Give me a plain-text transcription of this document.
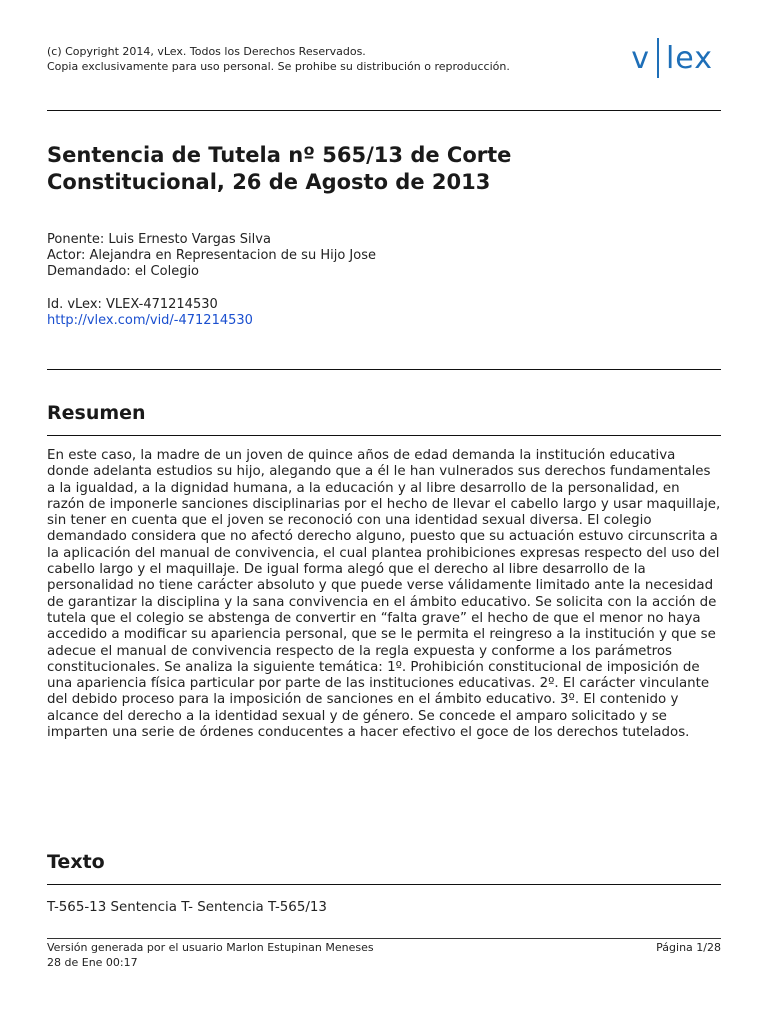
(c) Copyright 2014, vLex. Todos los Derechos Reservados.
Copia exclusivamente para uso personal. Se prohibe su distribución o reproducción.	v lex
Sentencia de Tutela nº 565/13 de Corte
Constitucional, 26 de Agosto de 2013
Ponente: Luis Ernesto Vargas Silva
Actor: Alejandra en Representacion de su Hijo Jose
Demandado: el Colegio
Id. vLex: VLEX-471214530
http://vlex.com/vid/-471214530
Resumen

En este caso, la madre de un joven de quince años de edad demanda la institución educativa donde adelanta estudios su hijo, alegando que a él le han vulnerados sus derechos fundamentales a la igualdad, a la dignidad humana, a la educación y al libre desarrollo de la personalidad, en razón de imponerle sanciones disciplinarias por el hecho de llevar el cabello largo y usar maquillaje, sin tener en cuenta que el joven se reconoció con una identidad sexual diversa. El colegio demandado considera que no afectó derecho alguno, puesto que su actuación estuvo circunscrita a la aplicación del manual de convivencia, el cual plantea prohibiciones expresas respecto del uso del cabello largo y el maquillaje. De igual forma alegó que el derecho al libre desarrollo de la personalidad no tiene carácter absoluto y que puede verse válidamente limitado ante la necesidad de garantizar la disciplina y la sana convivencia en el ámbito educativo. Se solicita con la acción de tutela que el colegio se abstenga de convertir en “falta grave” el hecho de que el menor no haya accedido a modificar su apariencia personal, que se le permita el reingreso a la institución y que se adecue el manual de convivencia respecto de la regla expuesta y conforme a los parámetros constitucionales. Se analiza la siguiente temática: 1º. Prohibición constitucional de imposición de una apariencia física particular por parte de las instituciones educativas. 2º. El carácter vinculante del debido proceso para la imposición de sanciones en el ámbito educativo. 3º. El contenido y alcance del derecho a la identidad sexual y de género. Se concede el amparo solicitado y se imparten una serie de órdenes conducentes a hacer efectivo el goce de los derechos tutelados.

Texto
T-565-13 Sentencia T- Sentencia T-565/13
Versión generada por el usuario Marlon Estupinan Meneses
28 de Ene 00:17
Página 1/28
